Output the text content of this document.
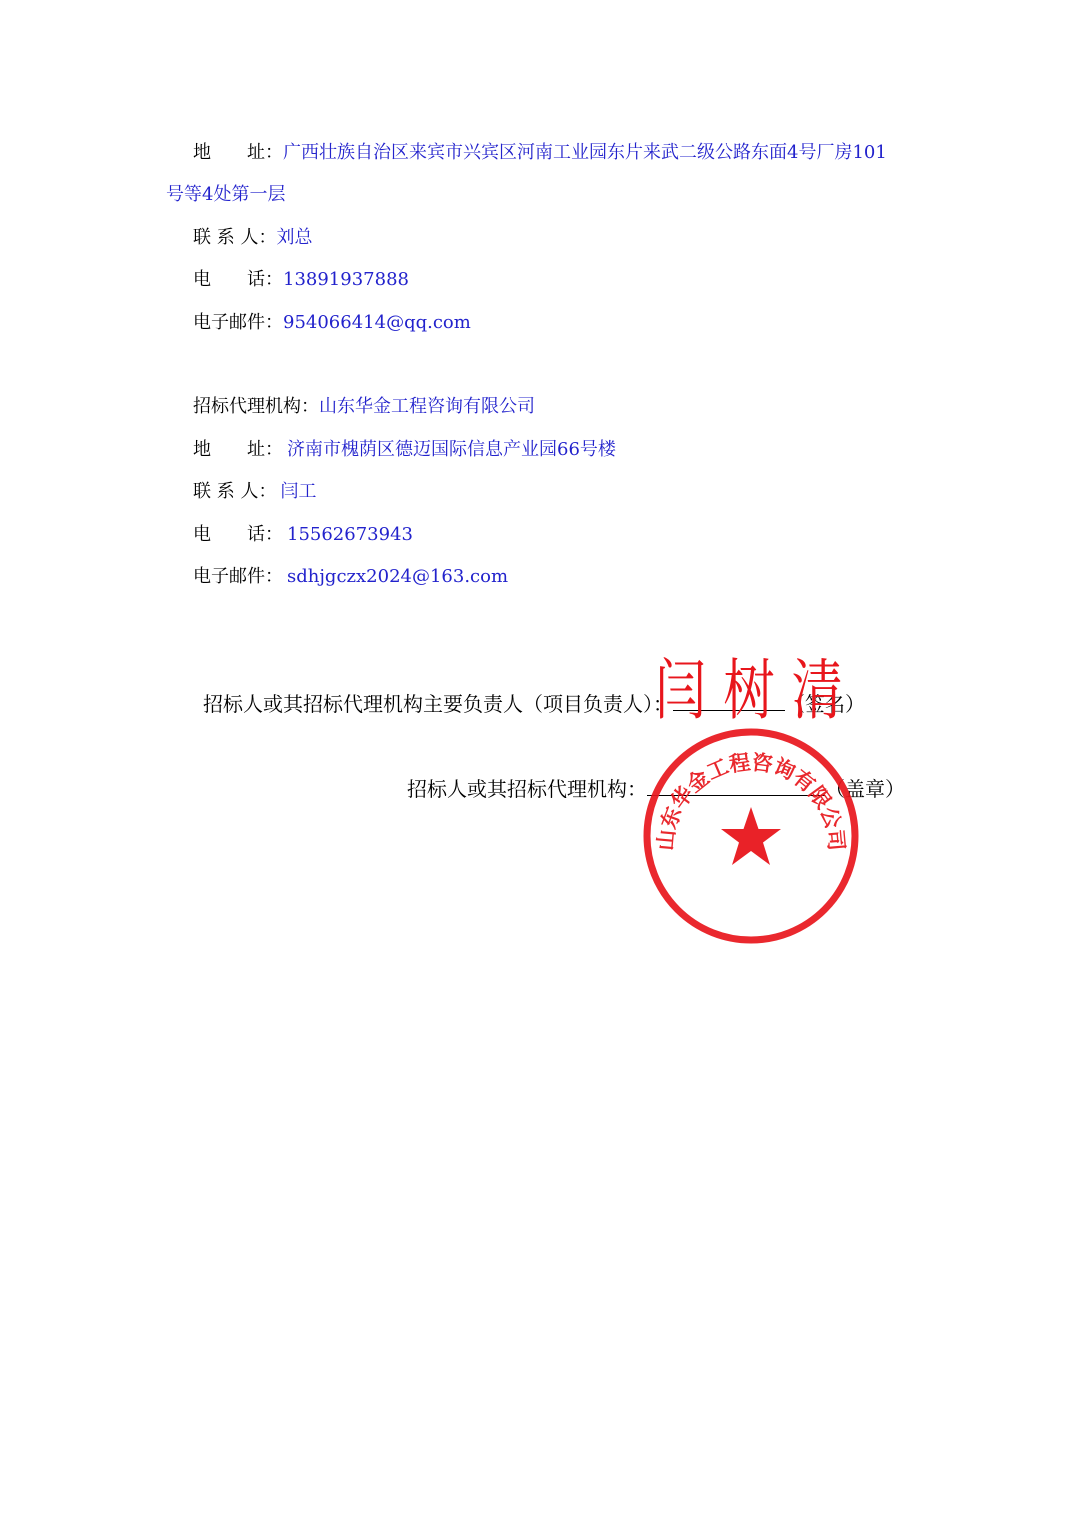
地　　址：广西壮族自治区来宾市兴宾区河南工业园东片来武二级公路东面4号厂房101
号等4处第一层
联 系 人：刘总
电　　话：13891937888
电子邮件：954066414@qq.com
招标代理机构：山东华金工程咨询有限公司
地　　址： 济南市槐荫区德迈国际信息产业园66号楼
联 系 人： 闫工
电　　话： 15562673943
电子邮件： sdhjgczx2024@163.com
招标人或其招标代理机构主要负责人（项目负责人）：	（签名）
招标人或其招标代理机构：	（盖章）
山东华金工程咨询有限公司
闫树清
